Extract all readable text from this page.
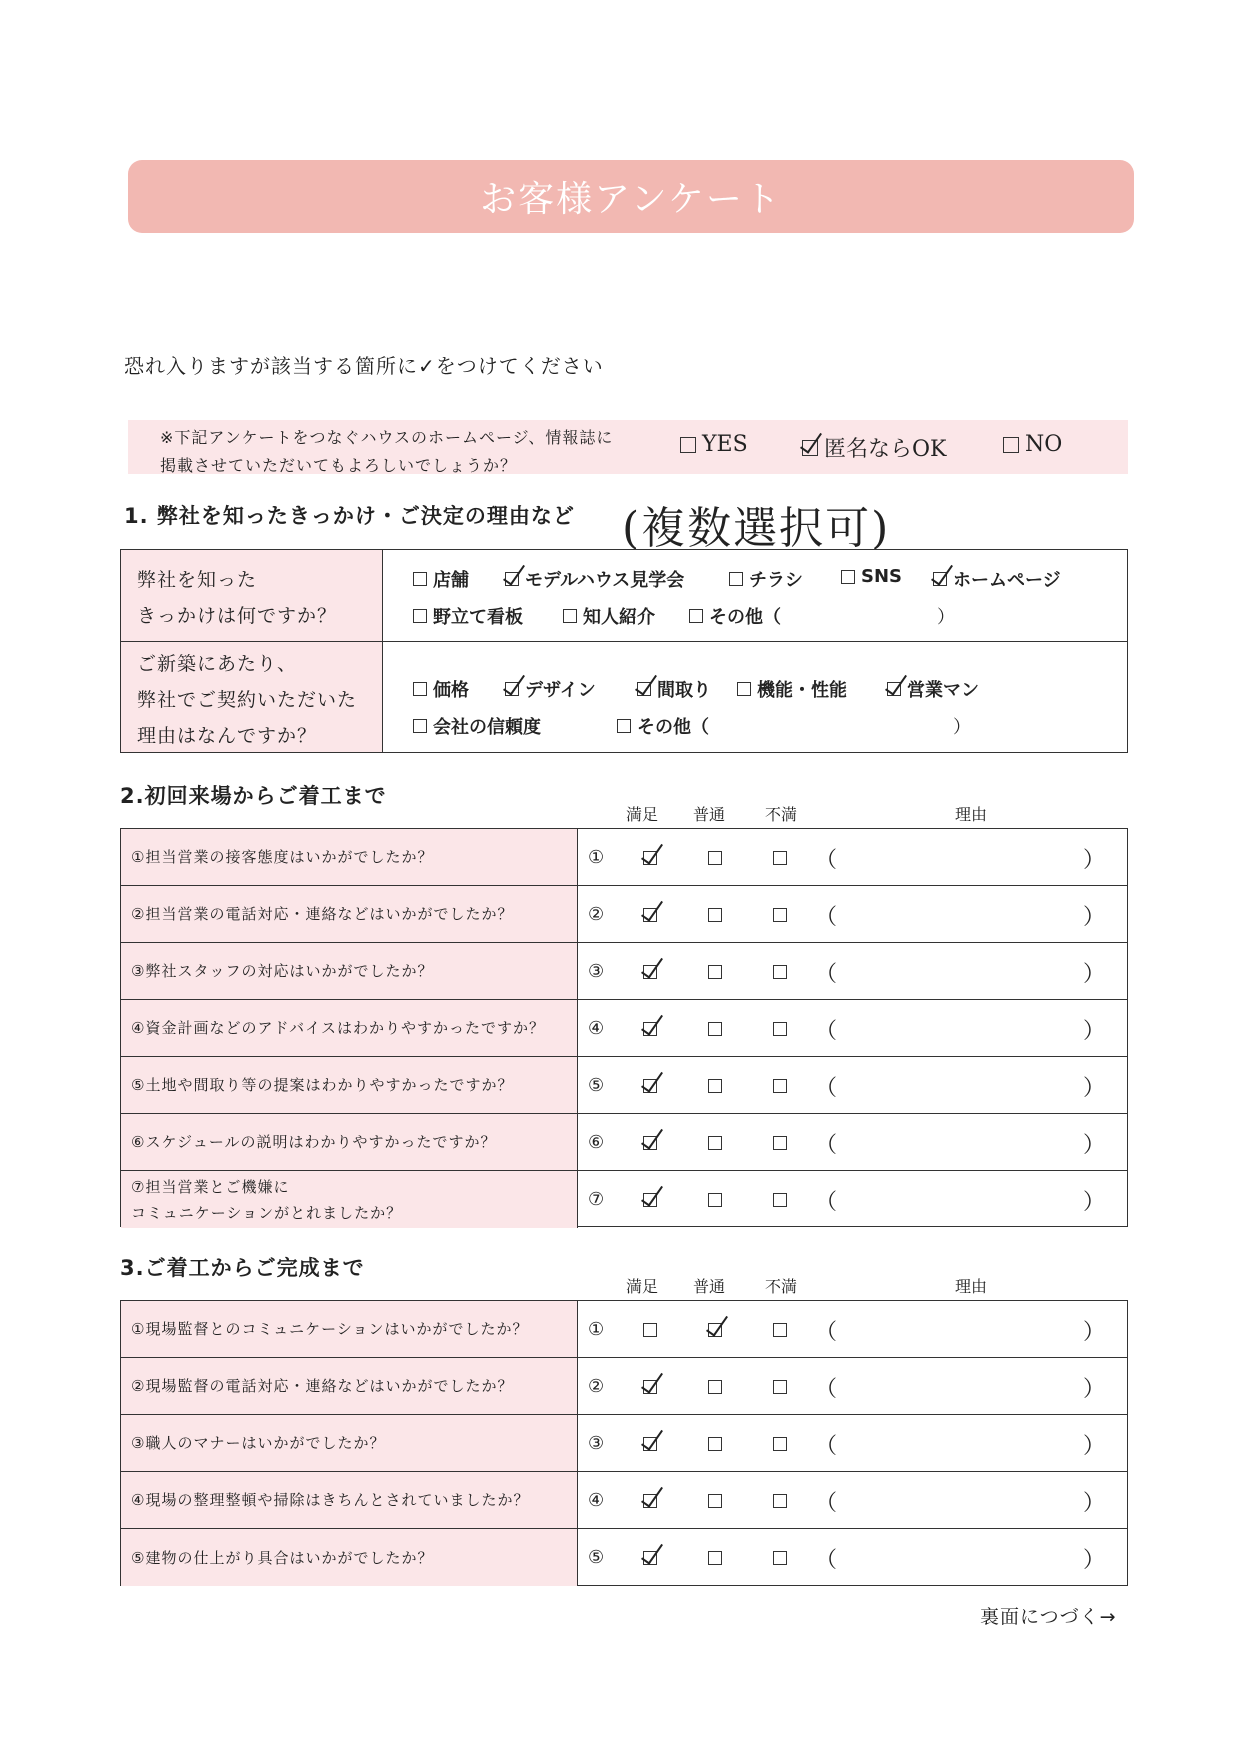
お客様アンケート
恐れ入りますが該当する箇所に✓をつけてください
※下記アンケートをつなぐハウスのホームページ、情報誌に
掲載させていただいてもよろしいでしょうか？
YES	匿名ならOK	NO
1. 弊社を知ったきっかけ・ご決定の理由など (複数選択可)
弊社を知った
きっかけは何ですか？
店舗	モデルハウス見学会	チラシ	SNS	ホームページ
野立て看板	知人紹介	その他（	）
ご新築にあたり、
弊社でご契約いただいた
理由はなんですか？
価格	デザイン	間取り	機能・性能	営業マン
会社の信頼度	その他（	）
2.初回来場からご着工まで
満足 普通 不満	理由
①担当営業の接客態度はいかがでしたか？	①	（	）
②担当営業の電話対応・連絡などはいかがでしたか？	②	（	）
③弊社スタッフの対応はいかがでしたか？	③	（	）
④資金計画などのアドバイスはわかりやすかったですか？	④	（	）
⑤土地や間取り等の提案はわかりやすかったですか？	⑤	（	）
⑥スケジュールの説明はわかりやすかったですか？	⑥	（	）
⑦担当営業とご機嫌に
コミュニケーションがとれましたか？
⑦	（	）
3.ご着工からご完成まで
満足 普通 不満	理由
①現場監督とのコミュニケーションはいかがでしたか？	①	（	）
②現場監督の電話対応・連絡などはいかがでしたか？	②	（	）
③職人のマナーはいかがでしたか？	③	（	）
④現場の整理整頓や掃除はきちんとされていましたか？	④	（	）
⑤建物の仕上がり具合はいかがでしたか？	⑤	（	）
裏面につづく→
